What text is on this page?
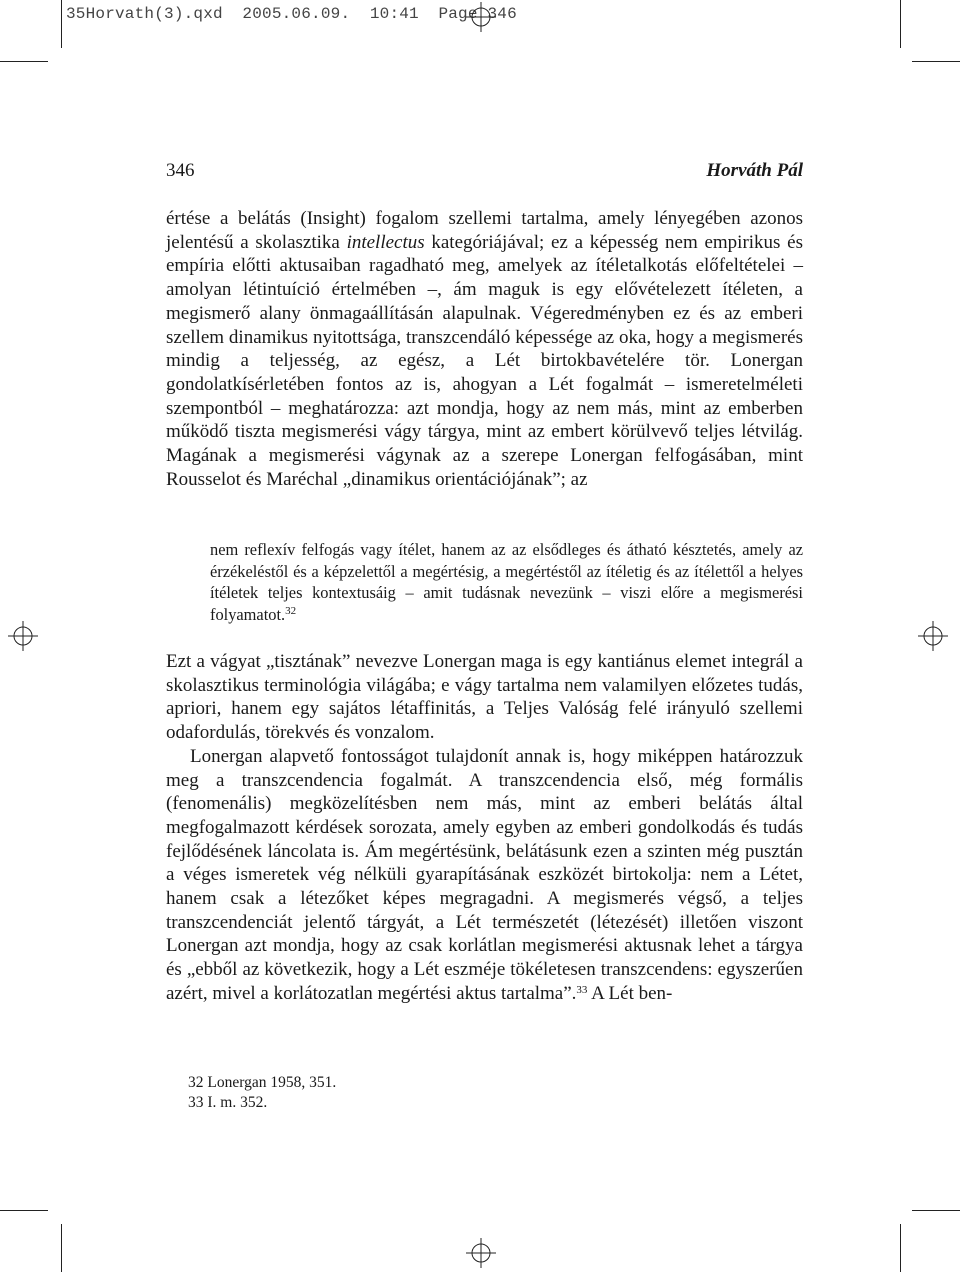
35Horvath(3).qxd  2005.06.09.  10:41  Page 346
346	Horváth Pál

értése a belátás (Insight) fogalom szellemi tartalma, amely lényegében azonos jelentésű a skolasztika intellectus kategóriájával; ez a képesség nem empirikus és empíria előtti aktusaiban ragadható meg, amelyek az ítéletalkotás előfeltételei – amolyan létintuíció értelmében –, ám maguk is egy elővételezett ítéleten, a megismerő alany önmagaállításán alapulnak. Végeredményben ez és az emberi szellem dinamikus nyitottsága, transzcendáló képessége az oka, hogy a megismerés mindig a teljesség, az egész, a Lét birtokbavételére tör. Lonergan gondolatkísérletében fontos az is, ahogyan a Lét fogalmát – ismeretelméleti szempontból – meghatározza: azt mondja, hogy az nem más, mint az emberben működő tiszta megismerési vágy tárgya, mint az embert körülvevő teljes létvilág. Magának a megismerési vágynak az a szerepe Lonergan felfogásában, mint Rousselot és Maréchal „dinamikus orientációjának”; az

nem reflexív felfogás vagy ítélet, hanem az az elsődleges és átható késztetés, amely az érzékeléstől és a képzelettől a megértésig, a megértéstől az ítéletig és az ítélettől a helyes ítéletek teljes kontextusáig – amit tudásnak nevezünk – viszi előre a megismerési folyamatot.$^{32}$

Ezt a vágyat „tisztának” nevezve Lonergan maga is egy kantiánus elemet integrál a skolasztikus terminológia világába; e vágy tartalma nem valamilyen előzetes tudás, apriori, hanem egy sajátos létaffinitás, a Teljes Valóság felé irányuló szellemi odafordulás, törekvés és vonzalom.

Lonergan alapvető fontosságot tulajdonít annak is, hogy miképpen határozzuk meg a transzcendencia fogalmát. A transzcendencia első, még formális (fenomenális) megközelítésben nem más, mint az emberi belátás által megfogalmazott kérdések sorozata, amely egyben az emberi gondolkodás és tudás fejlődésének láncolata is. Ám megértésünk, belátásunk ezen a szinten még pusztán a véges ismeretek vég nélküli gyarapításának eszközét birtokolja: nem a Létet, hanem csak a létezőket képes megragadni. A megismerés végső, a teljes transzcendenciát jelentő tárgyát, a Lét természetét (létezését) illetően viszont Lonergan azt mondja, hogy az csak korlátlan megismerési aktusnak lehet a tárgya és „ebből az következik, hogy a Lét eszméje tökéletesen transzcendens: egyszerűen azért, mivel a korlátozatlan megértési aktus tartalma”.$^{33}$ A Lét ben-

32 Lonergan 1958, 351.
33 I. m. 352.
